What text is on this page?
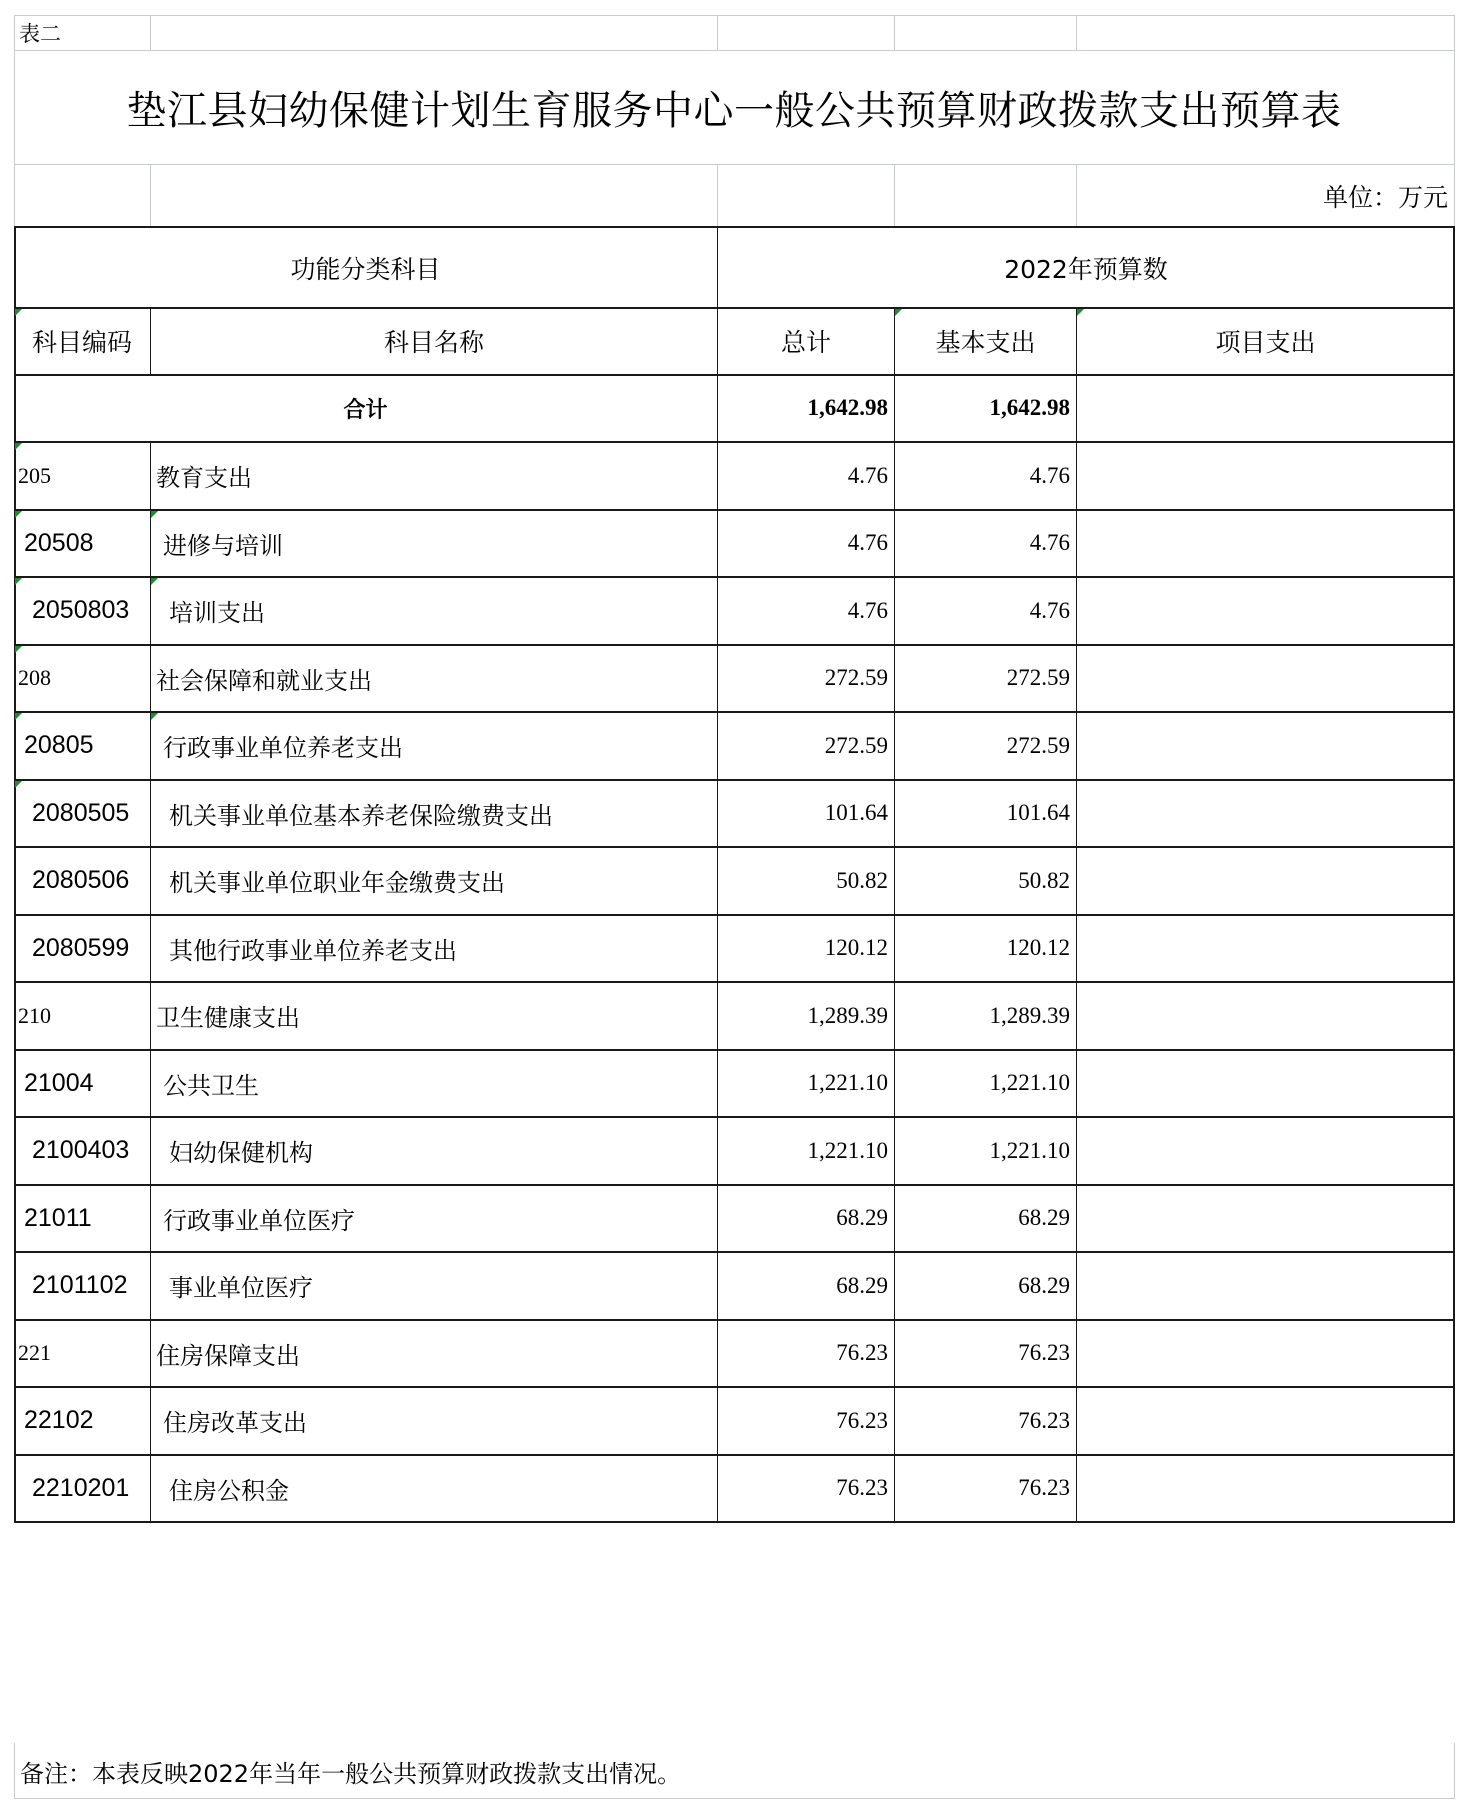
表二
垫江县妇幼保健计划生育服务中心一般公共预算财政拨款支出预算表
单位：万元
功能分类科目	2022年预算数
科目编码	科目名称	总计	基本支出	项目支出
合计	1,642.98	1,642.98
205	教育支出	4.76	4.76
20508	进修与培训	4.76	4.76
2050803	培训支出	4.76	4.76
208	社会保障和就业支出	272.59	272.59
20805	行政事业单位养老支出	272.59	272.59
2080505	机关事业单位基本养老保险缴费支出	101.64	101.64
2080506	机关事业单位职业年金缴费支出	50.82	50.82
2080599	其他行政事业单位养老支出	120.12	120.12
210	卫生健康支出	1,289.39	1,289.39
21004	公共卫生	1,221.10	1,221.10
2100403	妇幼保健机构	1,221.10	1,221.10
21011	行政事业单位医疗	68.29	68.29
2101102	事业单位医疗	68.29	68.29
221	住房保障支出	76.23	76.23
22102	住房改革支出	76.23	76.23
2210201	住房公积金	76.23	76.23
备注：本表反映2022年当年一般公共预算财政拨款支出情况。
